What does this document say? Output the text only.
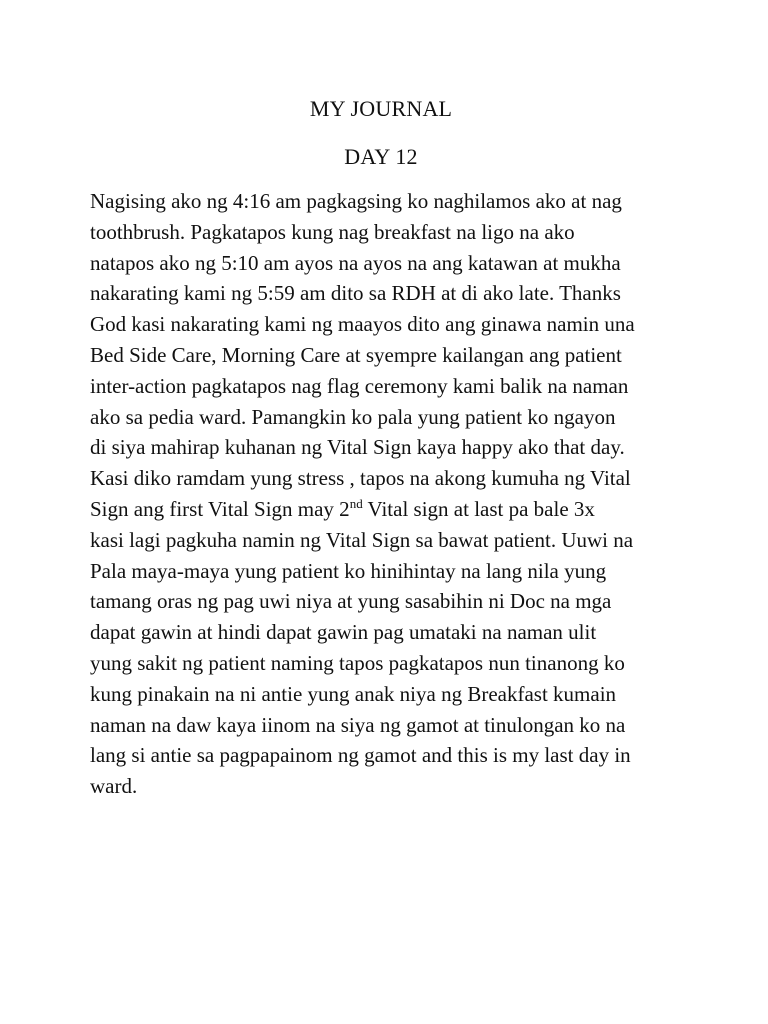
MY JOURNAL
DAY 12
Nagising ako ng 4:16 am pagkagsing ko naghilamos ako at nag
toothbrush. Pagkatapos kung nag breakfast na ligo na ako
natapos ako ng 5:10 am ayos na ayos na ang katawan at mukha
nakarating kami ng 5:59 am dito sa RDH at di ako late. Thanks
God kasi nakarating kami ng maayos dito ang ginawa namin una
Bed Side Care, Morning Care at syempre kailangan ang patient
inter-action pagkatapos nag flag ceremony kami balik na naman
ako sa pedia ward. Pamangkin ko pala yung patient ko ngayon
di siya mahirap kuhanan ng Vital Sign kaya happy ako that day.
Kasi diko ramdam yung stress , tapos na akong kumuha ng Vital
Sign ang first Vital Sign may 2nd Vital sign at last pa bale 3x
kasi lagi pagkuha namin ng Vital Sign sa bawat patient. Uuwi na
Pala maya-maya yung patient ko hinihintay na lang nila yung
tamang oras ng pag uwi niya at yung sasabihin ni Doc na mga
dapat gawin at hindi dapat gawin pag umataki na naman ulit
yung sakit ng patient naming tapos pagkatapos nun tinanong ko
kung pinakain na ni antie yung anak niya ng Breakfast kumain
naman na daw kaya iinom na siya ng gamot at tinulongan ko na
lang si antie sa pagpapainom ng gamot and this is my last day in
ward.
